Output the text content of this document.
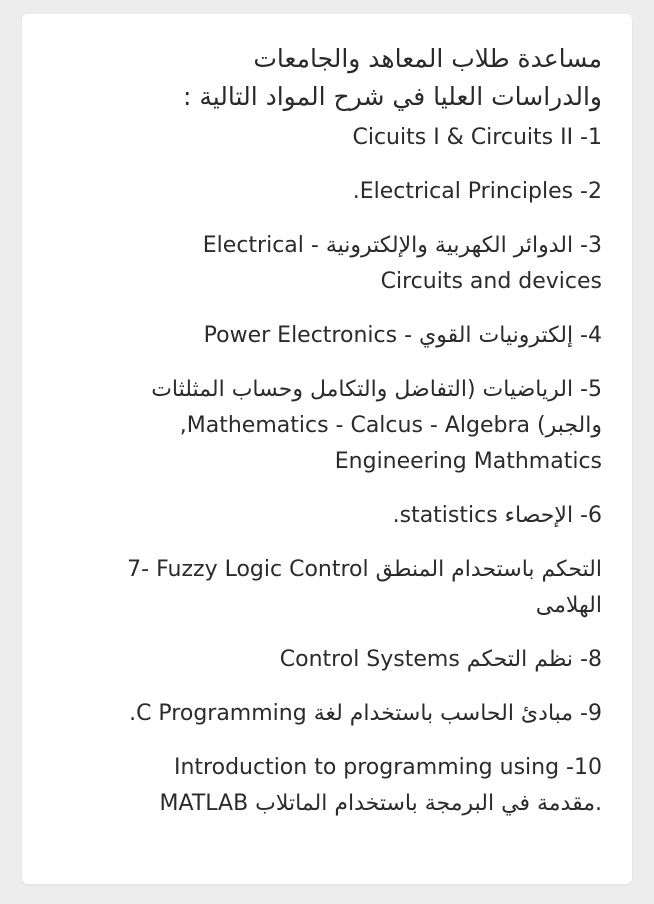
مساعدة طلاب المعاهد والجامعات
والدراسات العليا في شرح المواد التالية :
Cicuits I & Circuits II -1
.Electrical Principles -2
3- الدوائر الكهربية والإلكترونية - Electrical
Circuits and devices
4- إلكترونيات القوي - Power Electronics
5- الرياضيات (التفاضل والتكامل وحساب المثلثات
والجبر) Mathematics - Calcus - Algebra,
Engineering Mathmatics
6- الإحصاء statistics.
7- Fuzzy Logic Control التحكم باستحدام المنطق
الهلامى
8- نظم التحكم Control Systems
9- مبادئ الحاسب باستخدام لغة C Programming.
Introduction to programming using -10
MATLAB مقدمة في البرمجة باستخدام الماتلاب.
